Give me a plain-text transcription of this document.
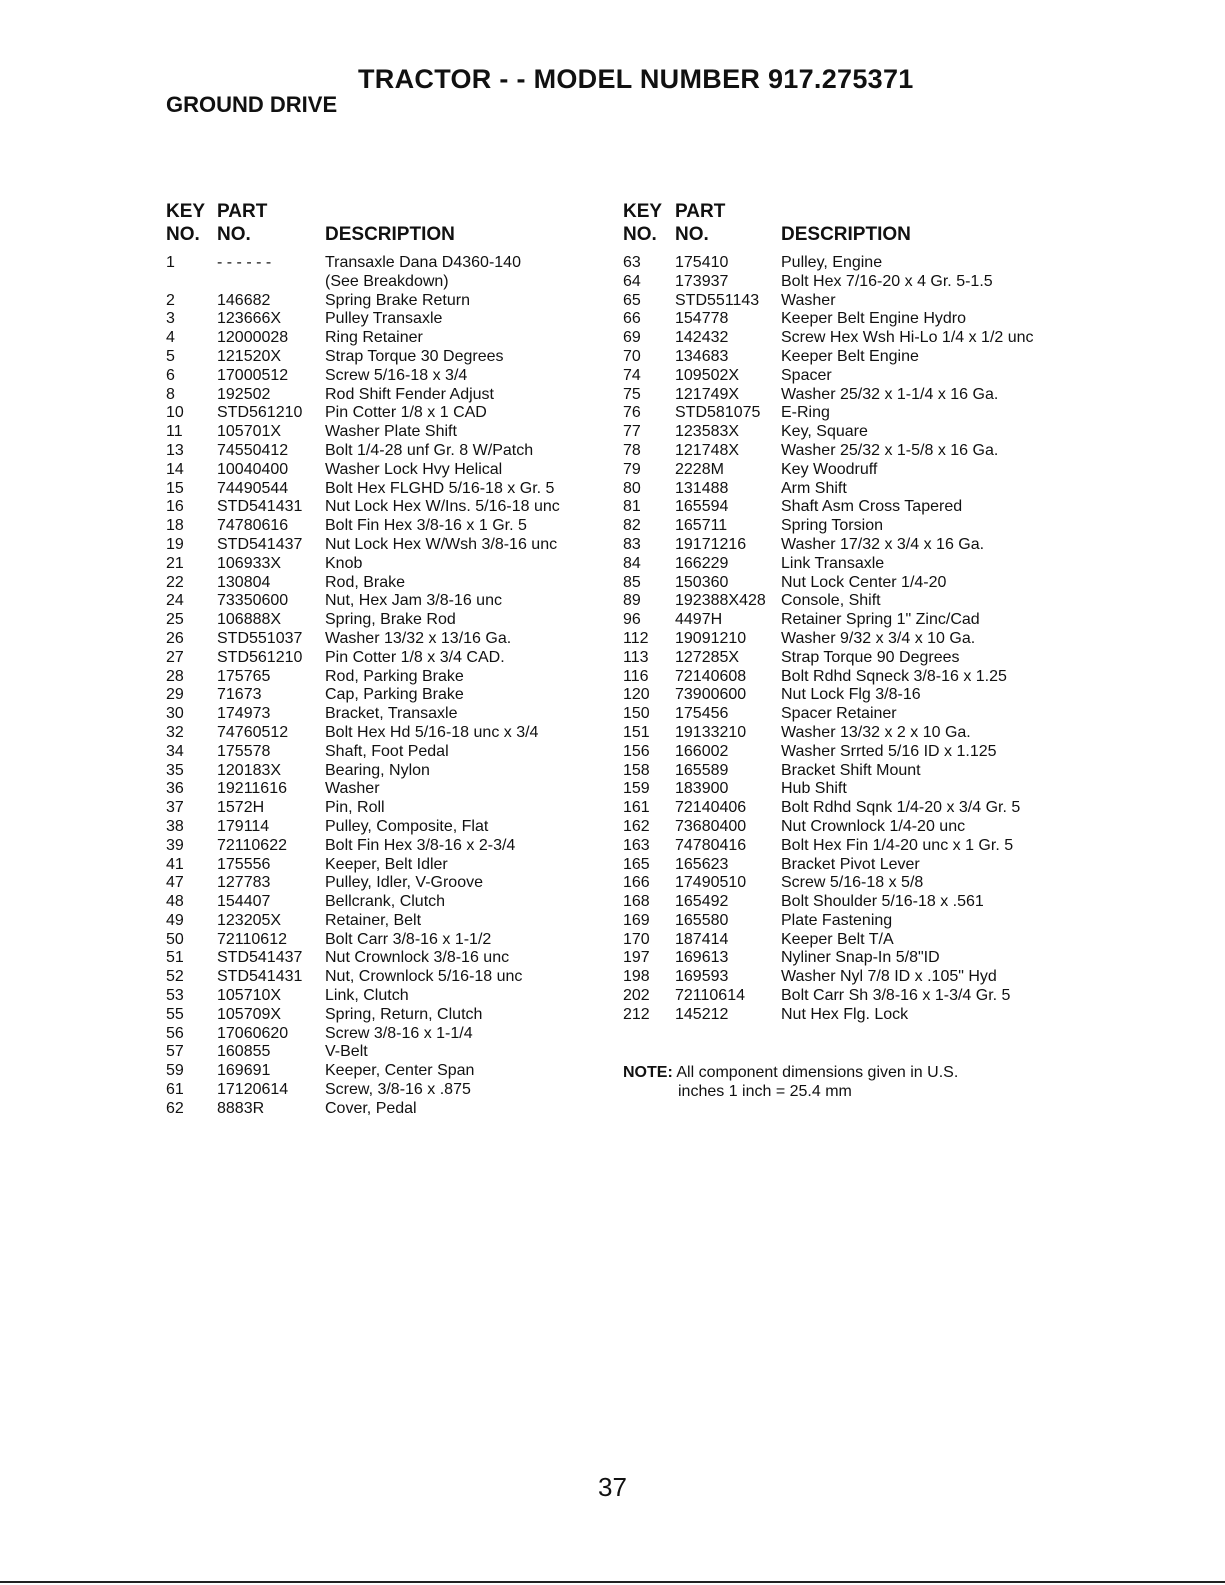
TRACTOR - - MODEL NUMBER 917.275371
GROUND DRIVE
KEY
NO.
PART
NO.	DESCRIPTION
1	- - - - - -	Transaxle Dana D4360-140
(See Breakdown)
2	146682	Spring Brake Return
3	123666X	Pulley Transaxle
4	12000028 Ring Retainer
5	121520X	Strap Torque 30 Degrees
6	17000512 Screw 5/16-18 x 3/4
8	192502	Rod Shift Fender Adjust
10 STD561210 Pin Cotter 1/8 x 1 CAD
11 105701X	Washer Plate Shift
13 74550412 Bolt 1/4-28 unf Gr. 8 W/Patch
14 10040400 Washer Lock Hvy Helical
15 74490544 Bolt Hex FLGHD 5/16-18 x Gr. 5
16 STD541431 Nut Lock Hex W/Ins. 5/16-18 unc
18 74780616 Bolt Fin Hex 3/8-16 x 1 Gr. 5
19 STD541437 Nut Lock Hex W/Wsh 3/8-16 unc
21 106933X	Knob
22 130804	Rod, Brake
24 73350600 Nut, Hex Jam 3/8-16 unc
25 106888X	Spring, Brake Rod
26 STD551037 Washer 13/32 x 13/16 Ga.
27 STD561210 Pin Cotter 1/8 x 3/4 CAD.
28 175765	Rod, Parking Brake
29 71673	Cap, Parking Brake
30 174973	Bracket, Transaxle
32 74760512 Bolt Hex Hd 5/16-18 unc x 3/4
34 175578	Shaft, Foot Pedal
35 120183X	Bearing, Nylon
36 19211616 Washer
37 1572H	Pin, Roll
38 179114	Pulley, Composite, Flat
39 72110622 Bolt Fin Hex 3/8-16 x 2-3/4
41 175556	Keeper, Belt Idler
47 127783	Pulley, Idler, V-Groove
48 154407	Bellcrank, Clutch
49 123205X	Retainer, Belt
50 72110612 Bolt Carr 3/8-16 x 1-1/2
51 STD541437 Nut Crownlock 3/8-16 unc
52 STD541431 Nut, Crownlock 5/16-18 unc
53 105710X	Link, Clutch
55 105709X	Spring, Return, Clutch
56 17060620 Screw 3/8-16 x 1-1/4
57 160855	V-Belt
59 169691	Keeper, Center Span
61 17120614 Screw, 3/8-16 x .875
62 8883R	Cover, Pedal
KEY
NO.
PART
NO.	DESCRIPTION
63 175410	Pulley, Engine
64 173937	Bolt Hex 7/16-20 x 4 Gr. 5-1.5
65 STD551143 Washer
66 154778	Keeper Belt Engine Hydro
69 142432	Screw Hex Wsh Hi-Lo 1/4 x 1/2 unc
70 134683	Keeper Belt Engine
74 109502X	Spacer
75 121749X	Washer 25/32 x 1-1/4 x 16 Ga.
76 STD581075 E-Ring
77 123583X	Key, Square
78 121748X	Washer 25/32 x 1-5/8 x 16 Ga.
79 2228M	Key Woodruff
80 131488	Arm Shift
81 165594	Shaft Asm Cross Tapered
82 165711	Spring Torsion
83 19171216 Washer 17/32 x 3/4 x 16 Ga.
84 166229	Link Transaxle
85 150360	Nut Lock Center 1/4-20
89 192388X428 Console, Shift
96 4497H	Retainer Spring 1" Zinc/Cad
112 19091210 Washer 9/32 x 3/4 x 10 Ga.
113 127285X	Strap Torque 90 Degrees
116 72140608 Bolt Rdhd Sqneck 3/8-16 x 1.25
120 73900600 Nut Lock Flg 3/8-16
150 175456	Spacer Retainer
151 19133210 Washer 13/32 x 2 x 10 Ga.
156 166002	Washer Srrted 5/16 ID x 1.125
158 165589	Bracket Shift Mount
159 183900	Hub Shift
161 72140406 Bolt Rdhd Sqnk 1/4-20 x 3/4 Gr. 5
162 73680400 Nut Crownlock 1/4-20 unc
163 74780416 Bolt Hex Fin 1/4-20 unc x 1 Gr. 5
165 165623	Bracket Pivot Lever
166 17490510 Screw 5/16-18 x 5/8
168 165492	Bolt Shoulder 5/16-18 x .561
169 165580	Plate Fastening
170 187414	Keeper Belt T/A
197 169613	Nyliner Snap-In 5/8"ID
198 169593	Washer Nyl 7/8 ID x .105" Hyd
202 72110614 Bolt Carr Sh 3/8-16 x 1-3/4 Gr. 5
212 145212	Nut Hex Flg. Lock
NOTE: All component dimensions given in U.S.
inches 1 inch = 25.4 mm
37
